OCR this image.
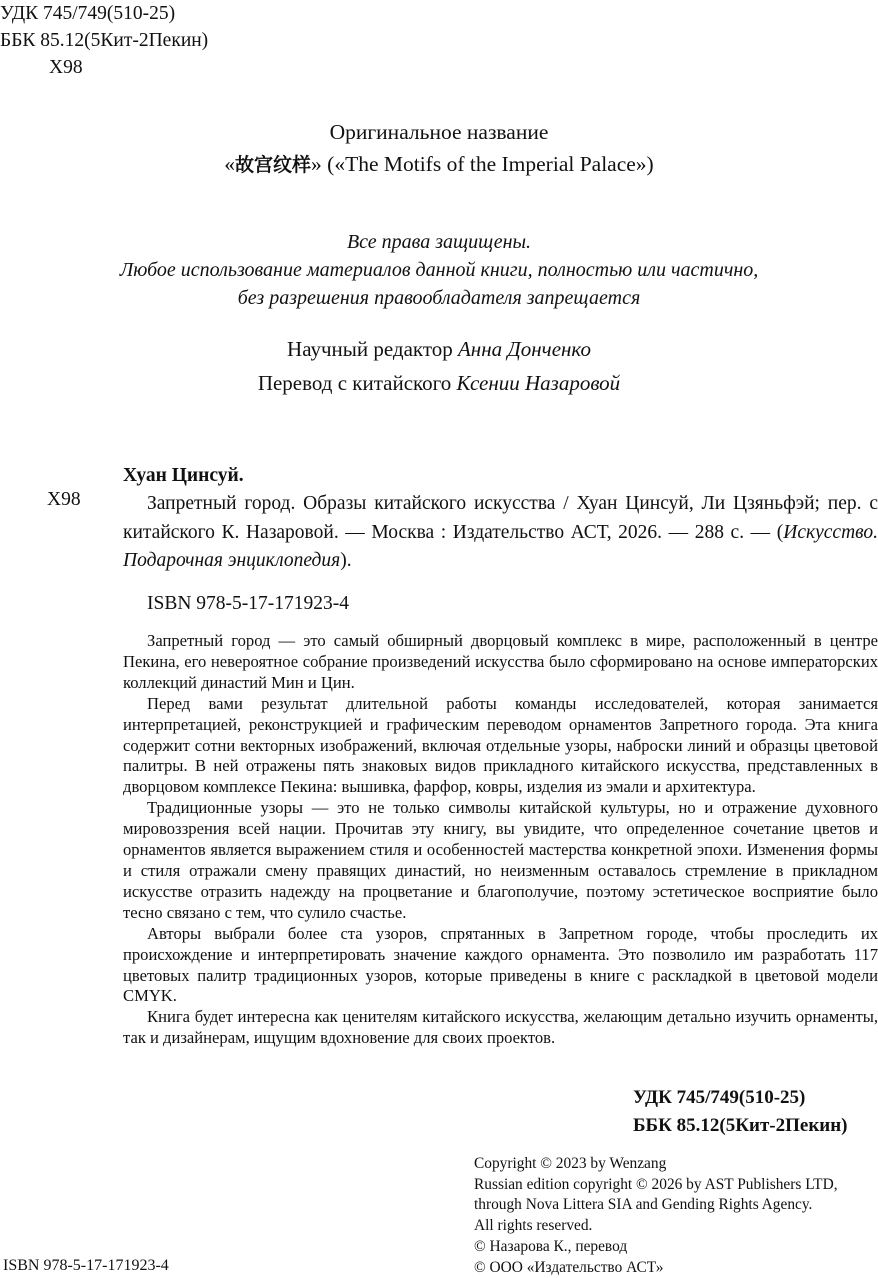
УДК 745/749(510-25)
ББК 85.12(5Кит-2Пекин)
Х98
Оригинальное название
«故宫纹样» («The Motifs of the Imperial Palace»)
Все права защищены.
Любое использование материалов данной книги, полностью или частично,
без разрешения правообладателя запрещается
Научный редактор Анна Донченко
Перевод с китайского Ксении Назаровой
Хуан Цинсуй.
Х98	Запретный город. Образы китайского искусства / Хуан Цинсуй, Ли Цзяньфэй; пер. с китайского К. Назаровой. — Москва : Издательство АСТ, 2026. — 288 с. — (Искусство. Подарочная энциклопедия).

ISBN 978-5-17-171923-4

Запретный город — это самый обширный дворцовый комплекс в мире, расположенный в центре Пекина, его невероятное собрание произведений искусства было сформировано на основе императорских коллекций династий Мин и Цин.

Перед вами результат длительной работы команды исследователей, которая занимается интерпретацией, реконструкцией и графическим переводом орнаментов Запретного города. Эта книга содержит сотни векторных изображений, включая отдельные узоры, наброски линий и образцы цветовой палитры. В ней отражены пять знаковых видов прикладного китайского искусства, представленных в дворцовом комплексе Пекина: вышивка, фарфор, ковры, изделия из эмали и архитектура.

Традиционные узоры — это не только символы китайской культуры, но и отражение духовного мировоззрения всей нации. Прочитав эту книгу, вы увидите, что определенное сочетание цветов и орнаментов является выражением стиля и особенностей мастерства конкретной эпохи. Изменения формы и стиля отражали смену правящих династий, но неизменным оставалось стремление в прикладном искусстве отразить надежду на процветание и благополучие, поэтому эстетическое восприятие было тесно связано с тем, что сулило счастье.

Авторы выбрали более ста узоров, спрятанных в Запретном городе, чтобы проследить их происхождение и интерпретировать значение каждого орнамента. Это позволило им разработать 117 цветовых палитр традиционных узоров, которые приведены в книге с раскладкой в цветовой модели CMYK.

Книга будет интересна как ценителям китайского искусства, желающим детально изучить орнаменты, так и дизайнерам, ищущим вдохновение для своих проектов.

УДК 745/749(510-25)
ББК 85.12(5Кит-2Пекин)
Copyright © 2023 by Wenzang
Russian edition copyright © 2026 by AST Publishers LTD,
through Nova Littera SIA and Gending Rights Agency.
All rights reserved.
© Назарова К., перевод
© ООО «Издательство АСТ»
ISBN 978-5-17-171923-4
